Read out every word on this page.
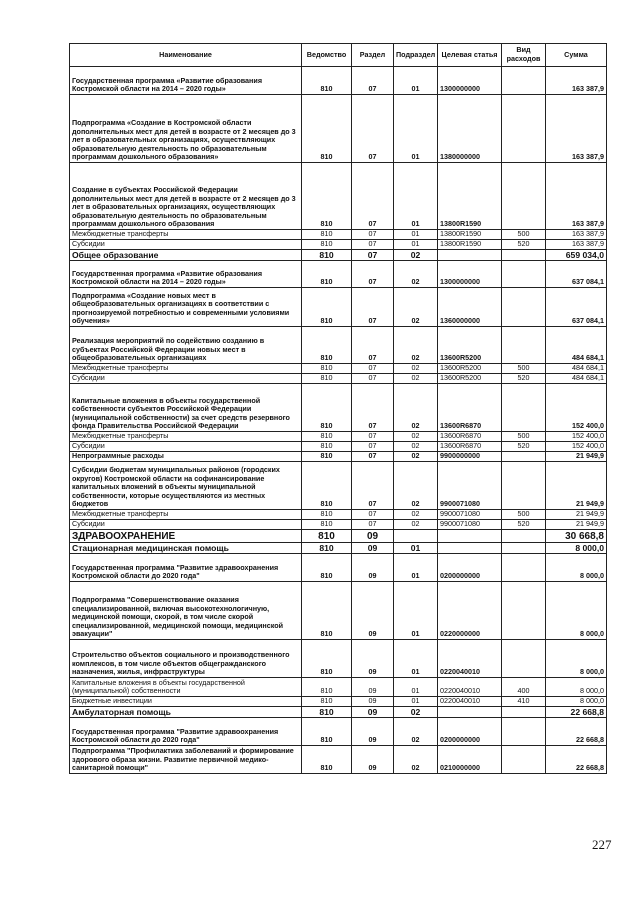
Наименование	Ведомство	Раздел	Подраздел	Целевая статья	Вид расходов	Сумма
Государственная программа «Развитие образования Костромской области на 2014 – 2020 годы»	810	07	01	1300000000		163 387,9
Подпрограмма «Создание в Костромской области дополнительных мест для детей в возрасте от 2 месяцев до 3 лет в образовательных организациях, осуществляющих образовательную деятельность по образовательным программам дошкольного образования»	810	07	01	1380000000		163 387,9
Создание в субъектах Российской Федерации дополнительных мест для детей в возрасте от 2 месяцев до 3 лет в образовательных организациях, осуществляющих образовательную деятельность по образовательным программам дошкольного образования	810	07	01	13800R1590		163 387,9
Межбюджетные трансферты	810	07	01	13800R1590	500	163 387,9
Субсидии	810	07	01	13800R1590	520	163 387,9
Общее образование	810	07	02			659 034,0
Государственная программа «Развитие образования Костромской области на 2014 – 2020 годы»	810	07	02	1300000000		637 084,1
Подпрограмма «Создание новых мест в общеобразовательных организациях в соответствии с прогнозируемой потребностью и современными условиями обучения»	810	07	02	1360000000		637 084,1
Реализация мероприятий по содействию созданию в субъектах Российской Федерации новых мест в общеобразовательных организациях	810	07	02	13600R5200		484 684,1
Межбюджетные трансферты	810	07	02	13600R5200	500	484 684,1
Субсидии	810	07	02	13600R5200	520	484 684,1
Капитальные вложения в объекты государственной собственности субъектов Российской Федерации (муниципальной собственности) за счет средств резервного фонда Правительства Российской Федерации	810	07	02	13600R6870		152 400,0
Межбюджетные трансферты	810	07	02	13600R6870	500	152 400,0
Субсидии	810	07	02	13600R6870	520	152 400,0
Непрограммные расходы	810	07	02	9900000000		21 949,9
Субсидии бюджетам муниципальных районов (городских округов) Костромской области на софинансирование капитальных вложений в объекты муниципальной собственности, которые осуществляются из местных бюджетов	810	07	02	9900071080		21 949,9
Межбюджетные трансферты	810	07	02	9900071080	500	21 949,9
Субсидии	810	07	02	9900071080	520	21 949,9
ЗДРАВООХРАНЕНИЕ	810	09				30 668,8
Стационарная медицинская помощь	810	09	01			8 000,0
Государственная программа "Развитие здравоохранения Костромской области до 2020 года"	810	09	01	0200000000		8 000,0
Подпрограмма "Совершенствование оказания специализированной, включая высокотехнологичную, медицинской помощи, скорой, в том числе скорой специализированной, медицинской помощи, медицинской эвакуации"	810	09	01	0220000000		8 000,0
Строительство объектов социального и производственного комплексов, в том числе объектов общегражданского назначения, жилья, инфраструктуры	810	09	01	0220040010		8 000,0
Капитальные вложения в объекты государственной (муниципальной) собственности	810	09	01	0220040010	400	8 000,0
Бюджетные инвестиции	810	09	01	0220040010	410	8 000,0
Амбулаторная помощь	810	09	02			22 668,8
Государственная программа "Развитие здравоохранения Костромской области до 2020 года"	810	09	02	0200000000		22 668,8
Подпрограмма "Профилактика заболеваний и формирование здорового образа жизни. Развитие первичной медико-санитарной помощи"	810	09	02	0210000000		22 668,8
227
